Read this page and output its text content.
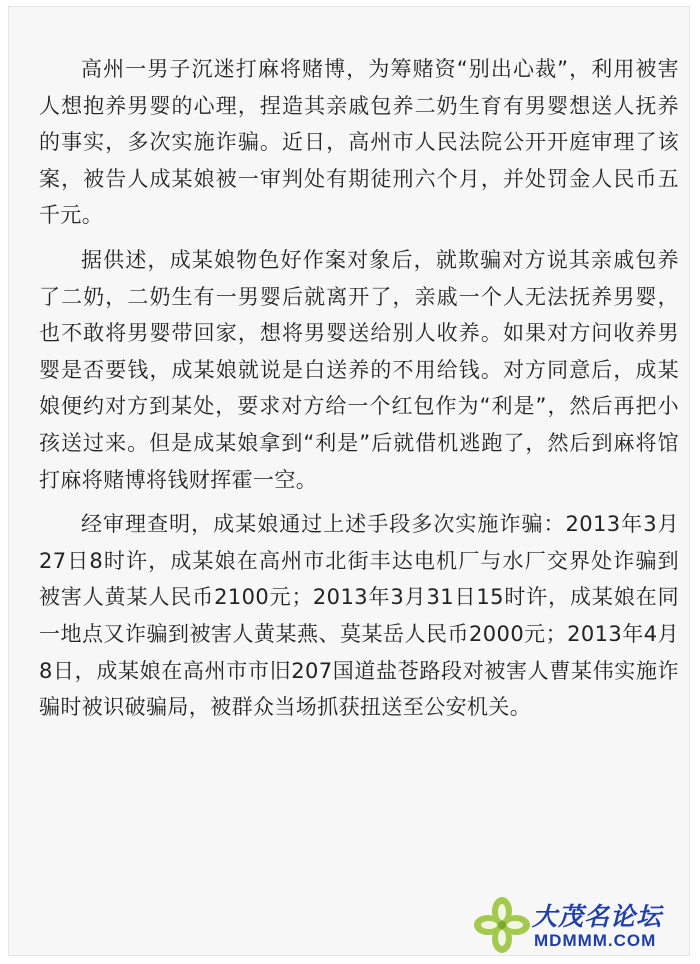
高州一男子沉迷打麻将赌博，为筹赌资“别出心裁”，利用被害人想抱养男婴的心理，捏造其亲戚包养二奶生育有男婴想送人抚养的事实，多次实施诈骗。近日，高州市人民法院公开开庭审理了该案，被告人成某娘被一审判处有期徒刑六个月，并处罚金人民币五千元。

据供述，成某娘物色好作案对象后，就欺骗对方说其亲戚包养了二奶，二奶生有一男婴后就离开了，亲戚一个人无法抚养男婴，也不敢将男婴带回家，想将男婴送给别人收养。如果对方问收养男婴是否要钱，成某娘就说是白送养的不用给钱。对方同意后，成某娘便约对方到某处，要求对方给一个红包作为“利是”，然后再把小孩送过来。但是成某娘拿到“利是”后就借机逃跑了，然后到麻将馆打麻将赌博将钱财挥霍一空。

经审理查明，成某娘通过上述手段多次实施诈骗：2013年3月27日8时许，成某娘在高州市北街丰达电机厂与水厂交界处诈骗到被害人黄某人民币2100元；2013年3月31日15时许，成某娘在同一地点又诈骗到被害人黄某燕、莫某岳人民币2000元；2013年4月8日，成某娘在高州市市旧207国道盐苍路段对被害人曹某伟实施诈骗时被识破骗局，被群众当场抓获扭送至公安机关。

大茂名论坛
MDMMM.COM
